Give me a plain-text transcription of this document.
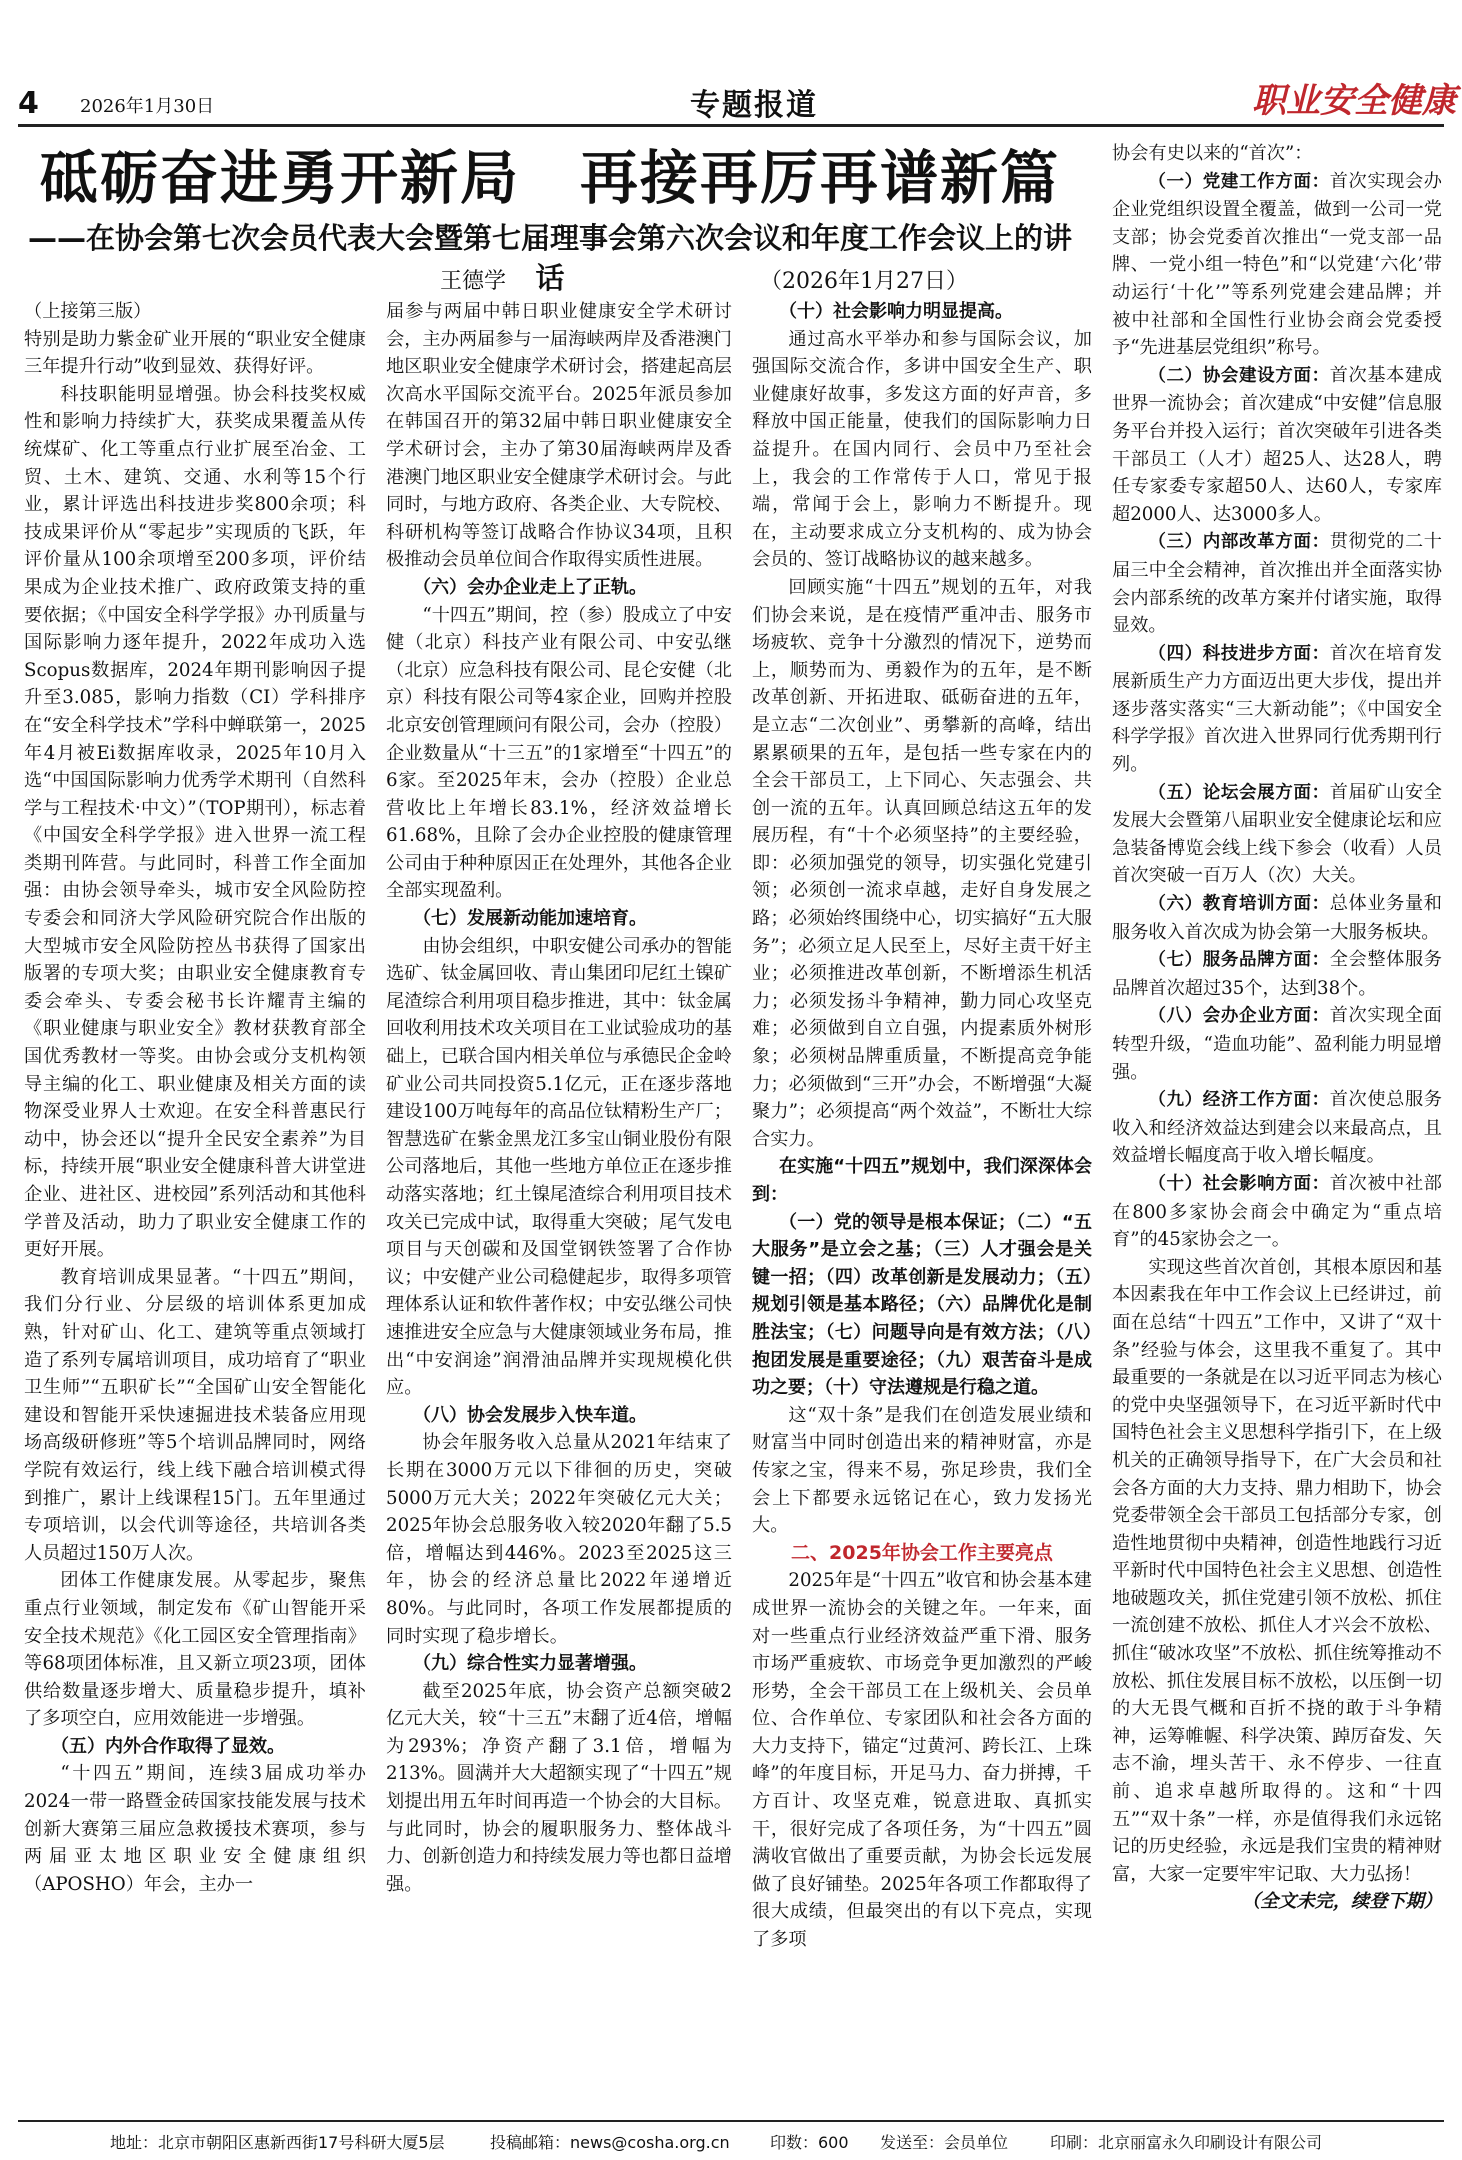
4 2026年1月30日	专题报道	职业安全健康
砥砺奋进勇开新局　再接再厉再谱新篇
——在协会第七次会员代表大会暨第七届理事会第六次会议和年度工作会议上的讲话
王德学	（2026年1月27日）

（上接第三版）

特别是助力紫金矿业开展的“职业安全健康三年提升行动”收到显效、获得好评。

科技职能明显增强。协会科技奖权威性和影响力持续扩大，获奖成果覆盖从传统煤矿、化工等重点行业扩展至冶金、工贸、土木、建筑、交通、水利等15个行业，累计评选出科技进步奖800余项；科技成果评价从“零起步”实现质的飞跃，年评价量从100余项增至200多项，评价结果成为企业技术推广、政府政策支持的重要依据；《中国安全科学学报》办刊质量与国际影响力逐年提升，2022年成功入选Scopus数据库，2024年期刊影响因子提升至3.085，影响力指数（CI）学科排序在“安全科学技术”学科中蝉联第一，2025年4月被Ei数据库收录，2025年10月入选“中国国际影响力优秀学术期刊（自然科学与工程技术·中文）”（TOP期刊），标志着《中国安全科学学报》进入世界一流工程类期刊阵营。与此同时，科普工作全面加强：由协会领导牵头，城市安全风险防控专委会和同济大学风险研究院合作出版的大型城市安全风险防控丛书获得了国家出版署的专项大奖；由职业安全健康教育专委会牵头、专委会秘书长许耀青主编的《职业健康与职业安全》教材获教育部全国优秀教材一等奖。由协会或分支机构领导主编的化工、职业健康及相关方面的读物深受业界人士欢迎。在安全科普惠民行动中，协会还以“提升全民安全素养”为目标，持续开展“职业安全健康科普大讲堂进企业、进社区、进校园”系列活动和其他科学普及活动，助力了职业安全健康工作的更好开展。

教育培训成果显著。“十四五”期间，我们分行业、分层级的培训体系更加成熟，针对矿山、化工、建筑等重点领域打造了系列专属培训项目，成功培育了“职业卫生师”“五职矿长”“全国矿山安全智能化建设和智能开采快速掘进技术装备应用现场高级研修班”等5个培训品牌同时，网络学院有效运行，线上线下融合培训模式得到推广，累计上线课程15门。五年里通过专项培训，以会代训等途径，共培训各类人员超过150万人次。

团体工作健康发展。从零起步，聚焦重点行业领域，制定发布《矿山智能开采安全技术规范》《化工园区安全管理指南》等68项团体标准，且又新立项23项，团体供给数量逐步增大、质量稳步提升，填补了多项空白，应用效能进一步增强。

（五）内外合作取得了显效。

“十四五”期间，连续3届成功举办2024一带一路暨金砖国家技能发展与技术创新大赛第三届应急救援技术赛项，参与两届亚太地区职业安全健康组织（APOSHO）年会，主办一

届参与两届中韩日职业健康安全学术研讨会，主办两届参与一届海峡两岸及香港澳门地区职业安全健康学术研讨会，搭建起高层次高水平国际交流平台。2025年派员参加在韩国召开的第32届中韩日职业健康安全学术研讨会，主办了第30届海峡两岸及香港澳门地区职业安全健康学术研讨会。与此同时，与地方政府、各类企业、大专院校、科研机构等签订战略合作协议34项，且积极推动会员单位间合作取得实质性进展。

（六）会办企业走上了正轨。

“十四五”期间，控（参）股成立了中安健（北京）科技产业有限公司、中安弘继（北京）应急科技有限公司、昆仑安健（北京）科技有限公司等4家企业，回购并控股北京安创管理顾问有限公司，会办（控股）企业数量从“十三五”的1家增至“十四五”的6家。至2025年末，会办（控股）企业总营收比上年增长83.1%，经济效益增长61.68%，且除了会办企业控股的健康管理公司由于种种原因正在处理外，其他各企业全部实现盈利。

（七）发展新动能加速培育。

由协会组织，中职安健公司承办的智能选矿、钛金属回收、青山集团印尼红土镍矿尾渣综合利用项目稳步推进，其中：钛金属回收利用技术攻关项目在工业试验成功的基础上，已联合国内相关单位与承德民企金岭矿业公司共同投资5.1亿元，正在逐步落地建设100万吨每年的高品位钛精粉生产厂；智慧选矿在紫金黑龙江多宝山铜业股份有限公司落地后，其他一些地方单位正在逐步推动落实落地；红土镍尾渣综合利用项目技术攻关已完成中试，取得重大突破；尾气发电项目与天创碳和及国堂钢铁签署了合作协议；中安健产业公司稳健起步，取得多项管理体系认证和软件著作权；中安弘继公司快速推进安全应急与大健康领域业务布局，推出“中安润途”润滑油品牌并实现规模化供应。

（八）协会发展步入快车道。

协会年服务收入总量从2021年结束了长期在3000万元以下徘徊的历史，突破5000万元大关；2022年突破亿元大关；2025年协会总服务收入较2020年翻了5.5倍，增幅达到446%。2023至2025这三年，协会的经济总量比2022年递增近80%。与此同时，各项工作发展都提质的同时实现了稳步增长。

（九）综合性实力显著增强。

截至2025年底，协会资产总额突破2亿元大关，较“十三五”末翻了近4倍，增幅为293%；净资产翻了3.1倍，增幅为213%。圆满并大大超额实现了“十四五”规划提出用五年时间再造一个协会的大目标。与此同时，协会的履职服务力、整体战斗力、创新创造力和持续发展力等也都日益增强。

（十）社会影响力明显提高。

通过高水平举办和参与国际会议，加强国际交流合作，多讲中国安全生产、职业健康好故事，多发这方面的好声音，多释放中国正能量，使我们的国际影响力日益提升。在国内同行、会员中乃至社会上，我会的工作常传于人口，常见于报端，常闻于会上，影响力不断提升。现在，主动要求成立分支机构的、成为协会会员的、签订战略协议的越来越多。

回顾实施“十四五”规划的五年，对我们协会来说，是在疫情严重冲击、服务市场疲软、竞争十分激烈的情况下，逆势而上，顺势而为、勇毅作为的五年，是不断改革创新、开拓进取、砥砺奋进的五年，是立志“二次创业”、勇攀新的高峰，结出累累硕果的五年，是包括一些专家在内的全会干部员工，上下同心、矢志强会、共创一流的五年。认真回顾总结这五年的发展历程，有“十个必须坚持”的主要经验，即：必须加强党的领导，切实强化党建引领；必须创一流求卓越，走好自身发展之路；必须始终围绕中心，切实搞好“五大服务”；必须立足人民至上，尽好主责干好主业；必须推进改革创新，不断增添生机活力；必须发扬斗争精神，勤力同心攻坚克难；必须做到自立自强，内提素质外树形象；必须树品牌重质量，不断提高竞争能力；必须做到“三开”办会，不断增强“大凝聚力”；必须提高“两个效益”，不断壮大综合实力。

在实施“十四五”规划中，我们深深体会到：

（一）党的领导是根本保证；（二）“五大服务”是立会之基；（三）人才强会是关键一招；（四）改革创新是发展动力；（五）规划引领是基本路径；（六）品牌优化是制胜法宝；（七）问题导向是有效方法；（八）抱团发展是重要途径；（九）艰苦奋斗是成功之要；（十）守法遵规是行稳之道。

这“双十条”是我们在创造发展业绩和财富当中同时创造出来的精神财富，亦是传家之宝，得来不易，弥足珍贵，我们全会上下都要永远铭记在心，致力发扬光大。

二、2025年协会工作主要亮点

2025年是“十四五”收官和协会基本建成世界一流协会的关键之年。一年来，面对一些重点行业经济效益严重下滑、服务市场严重疲软、市场竞争更加激烈的严峻形势，全会干部员工在上级机关、会员单位、合作单位、专家团队和社会各方面的大力支持下，锚定“过黄河、跨长江、上珠峰”的年度目标，开足马力、奋力拼搏，千方百计、攻坚克难，锐意进取、真抓实干，很好完成了各项任务，为“十四五”圆满收官做出了重要贡献，为协会长远发展做了良好铺垫。2025年各项工作都取得了很大成绩，但最突出的有以下亮点，实现了多项

协会有史以来的“首次”：

（一）党建工作方面：首次实现会办企业党组织设置全覆盖，做到一公司一党支部；协会党委首次推出“一党支部一品牌、一党小组一特色”和“以党建‘六化’带动运行‘十化’”等系列党建会建品牌；并被中社部和全国性行业协会商会党委授予“先进基层党组织”称号。

（二）协会建设方面：首次基本建成世界一流协会；首次建成“中安健”信息服务平台并投入运行；首次突破年引进各类干部员工（人才）超25人、达28人，聘任专家委专家超50人、达60人，专家库超2000人、达3000多人。

（三）内部改革方面：贯彻党的二十届三中全会精神，首次推出并全面落实协会内部系统的改革方案并付诸实施，取得显效。

（四）科技进步方面：首次在培育发展新质生产力方面迈出更大步伐，提出并逐步落实落实“三大新动能”；《中国安全科学学报》首次进入世界同行优秀期刊行列。

（五）论坛会展方面：首届矿山安全发展大会暨第八届职业安全健康论坛和应急装备博览会线上线下参会（收看）人员首次突破一百万人（次）大关。

（六）教育培训方面：总体业务量和服务收入首次成为协会第一大服务板块。

（七）服务品牌方面：全会整体服务品牌首次超过35个，达到38个。

（八）会办企业方面：首次实现全面转型升级，“造血功能”、盈利能力明显增强。

（九）经济工作方面：首次使总服务收入和经济效益达到建会以来最高点，且效益增长幅度高于收入增长幅度。

（十）社会影响方面：首次被中社部在800多家协会商会中确定为“重点培育”的45家协会之一。

实现这些首次首创，其根本原因和基本因素我在年中工作会议上已经讲过，前面在总结“十四五”工作中，又讲了“双十条”经验与体会，这里我不重复了。其中最重要的一条就是在以习近平同志为核心的党中央坚强领导下，在习近平新时代中国特色社会主义思想科学指引下，在上级机关的正确领导指导下，在广大会员和社会各方面的大力支持、鼎力相助下，协会党委带领全会干部员工包括部分专家，创造性地贯彻中央精神，创造性地践行习近平新时代中国特色社会主义思想、创造性地破题攻关，抓住党建引领不放松、抓住一流创建不放松、抓住人才兴会不放松、抓住“破冰攻坚”不放松、抓住统筹推动不放松、抓住发展目标不放松，以压倒一切的大无畏气概和百折不挠的敢于斗争精神，运筹帷幄、科学决策、踔厉奋发、矢志不渝，埋头苦干、永不停步、一往直前、追求卓越所取得的。这和“十四五”“双十条”一样，亦是值得我们永远铭记的历史经验，永远是我们宝贵的精神财富，大家一定要牢牢记取、大力弘扬！

（全文未完，续登下期）

地址：北京市朝阳区惠新西街17号科研大厦5层	投稿邮箱：news@cosha.org.cn	印数：600 发送至：会员单位	印刷：北京丽富永久印刷设计有限公司
